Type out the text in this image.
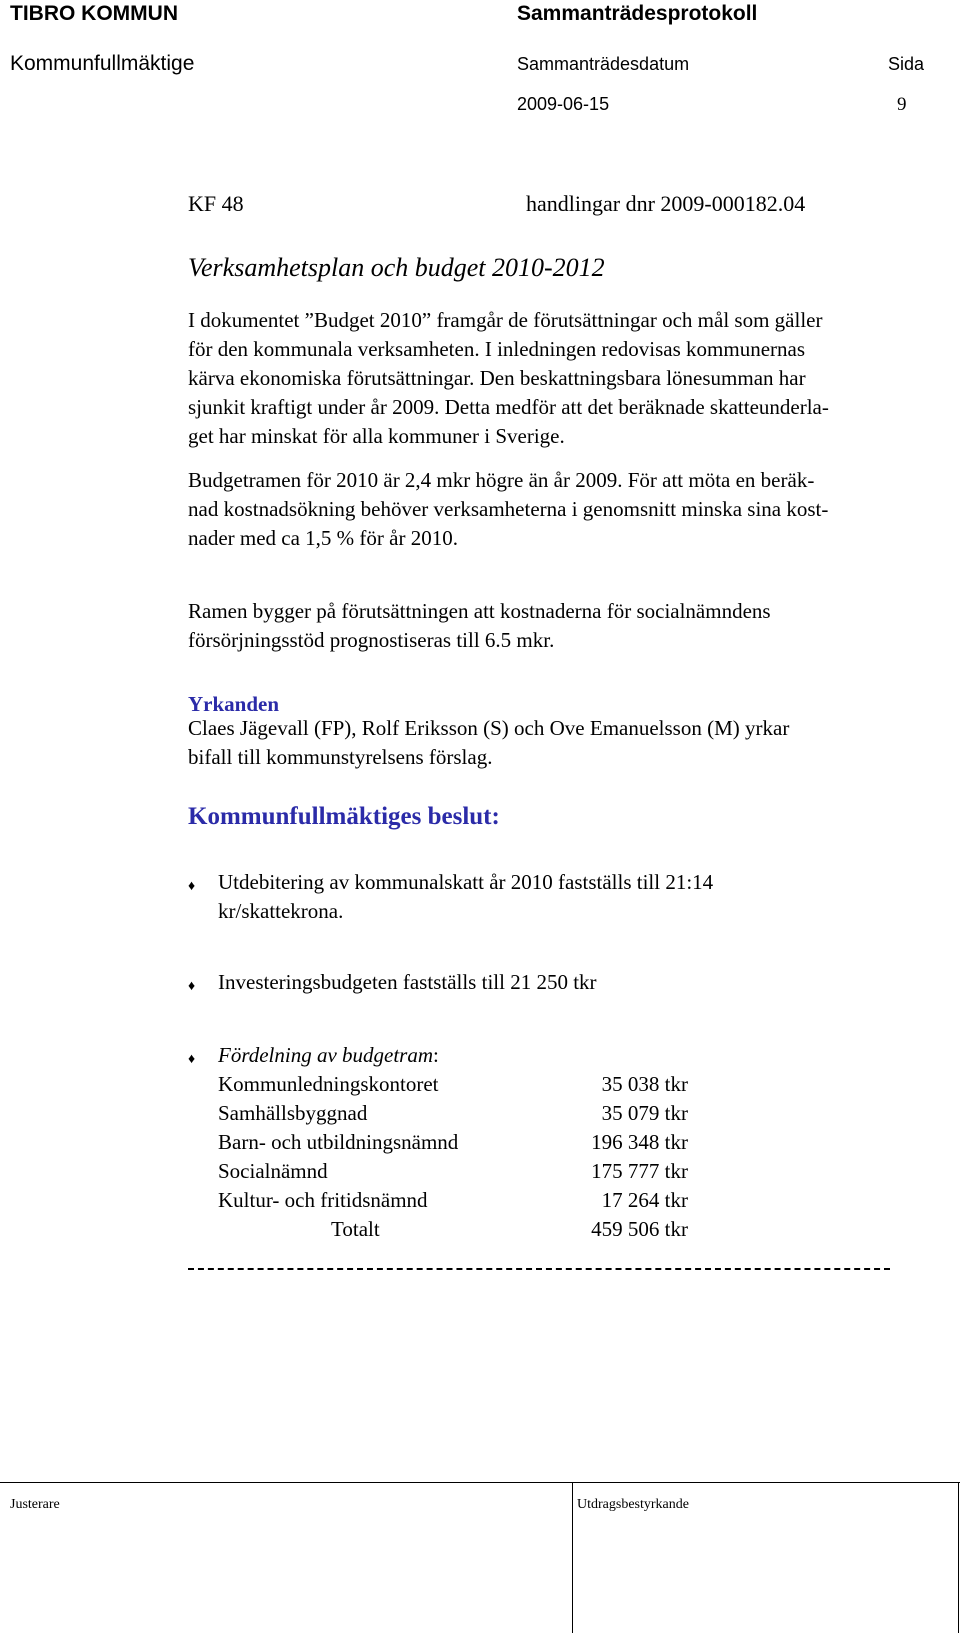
TIBRO KOMMUN	Sammanträdesprotokoll
Kommunfullmäktige	Sammanträdesdatum	Sida
2009-06-15	9
KF 48	handlingar dnr 2009-000182.04
Verksamhetsplan och budget 2010-2012
I dokumentet ”Budget 2010” framgår de förutsättningar och mål som gäller
för den kommunala verksamheten. I inledningen redovisas kommunernas
kärva ekonomiska förutsättningar. Den beskattningsbara lönesumman har
sjunkit kraftigt under år 2009. Detta medför att det beräknade skatteunderla-
get har minskat för alla kommuner i Sverige.
Budgetramen för 2010 är 2,4 mkr högre än år 2009. För att möta en beräk-
nad kostnadsökning behöver verksamheterna i genomsnitt minska sina kost-
nader med ca 1,5 % för år 2010.
Ramen bygger på förutsättningen att kostnaderna för socialnämndens
försörjningsstöd prognostiseras till 6.5 mkr.
Yrkanden
Claes Jägevall (FP), Rolf Eriksson (S) och Ove Emanuelsson (M) yrkar
bifall till kommunstyrelsens förslag.
Kommunfullmäktiges beslut:
♦ Utdebitering av kommunalskatt år 2010 fastställs till 21:14
kr/skattekrona.
♦ Investeringsbudgeten fastställs till 21 250 tkr
♦ Fördelning av budgetram:
Kommunledningskontoret	35 038 tkr
Samhällsbyggnad	35 079 tkr
Barn- och utbildningsnämnd	196 348 tkr
Socialnämnd	175 777 tkr
Kultur- och fritidsnämnd	17 264 tkr
Totalt	459 506 tkr
Justerare	Utdragsbestyrkande
